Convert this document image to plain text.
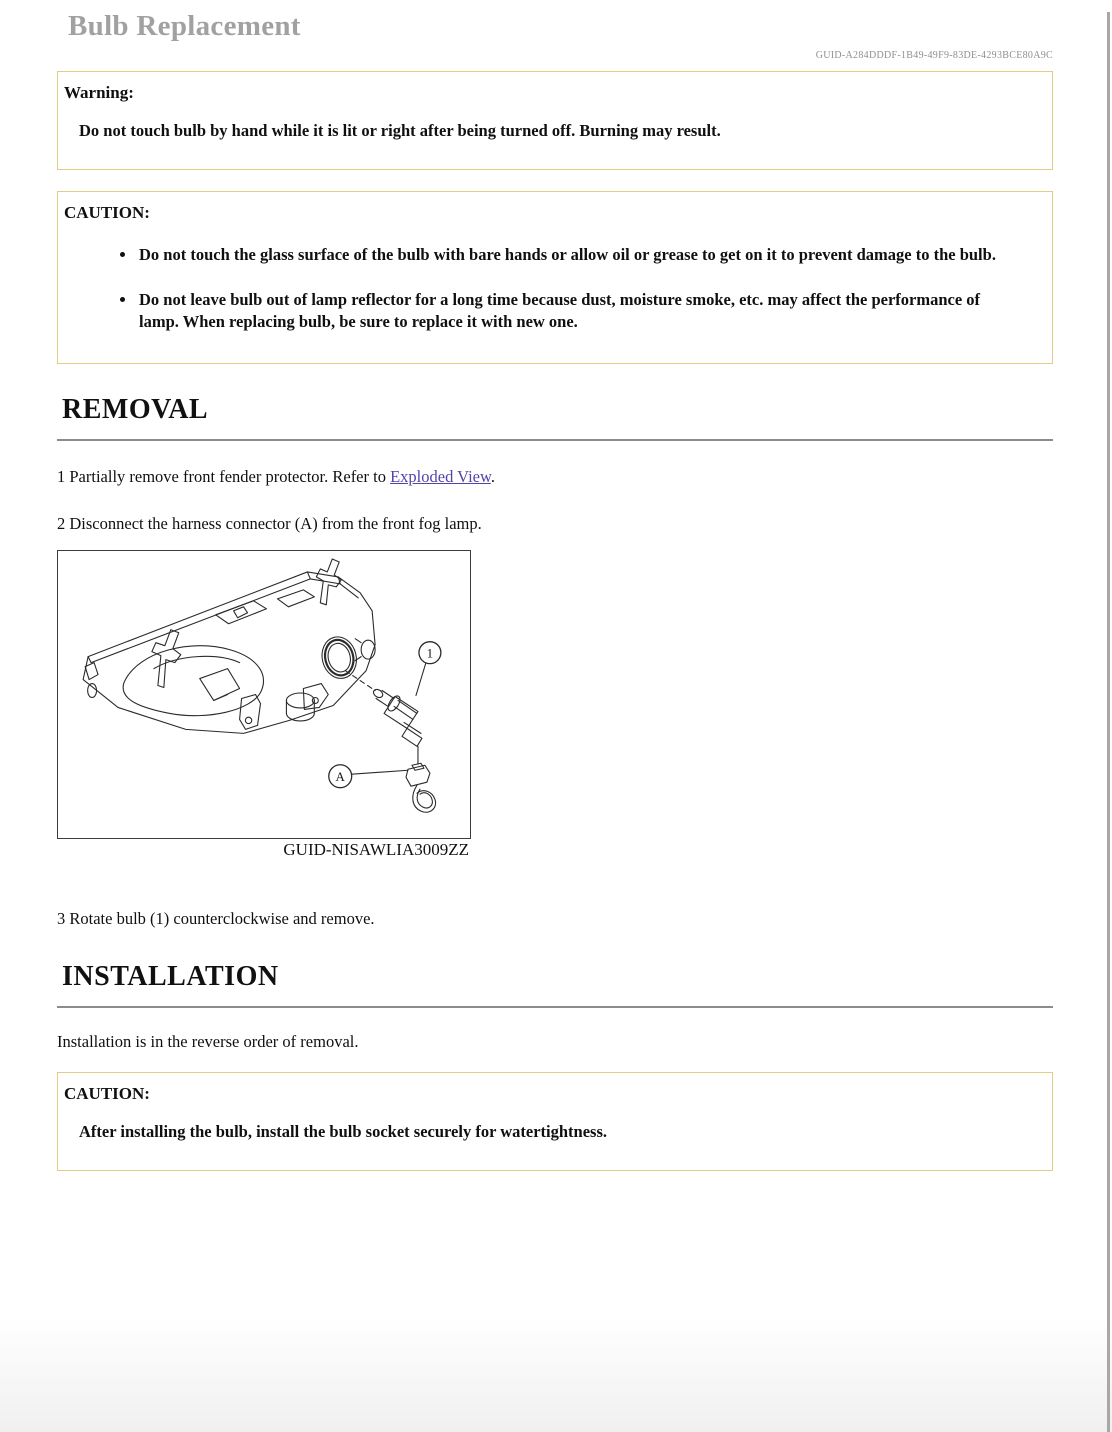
Bulb Replacement
GUID-A284DDDF-1B49-49F9-83DE-4293BCE80A9C

Warning:

Do not touch bulb by hand while it is lit or right after being turned off. Burning may result.

CAUTION:

• Do not touch the glass surface of the bulb with bare hands or allow oil or grease to get on it to prevent damage to the bulb.
• Do not leave bulb out of lamp reflector for a long time because dust, moisture smoke, etc. may affect the performance of lamp. When replacing bulb, be sure to replace it with new one.
REMOVAL
1 Partially remove front fender protector. Refer to Exploded View.
2 Disconnect the harness connector (A) from the front fog lamp.
1
A
GUID-NISAWLIA3009ZZ
3 Rotate bulb (1) counterclockwise and remove.
INSTALLATION

Installation is in the reverse order of removal.

CAUTION:

After installing the bulb, install the bulb socket securely for watertightness.
